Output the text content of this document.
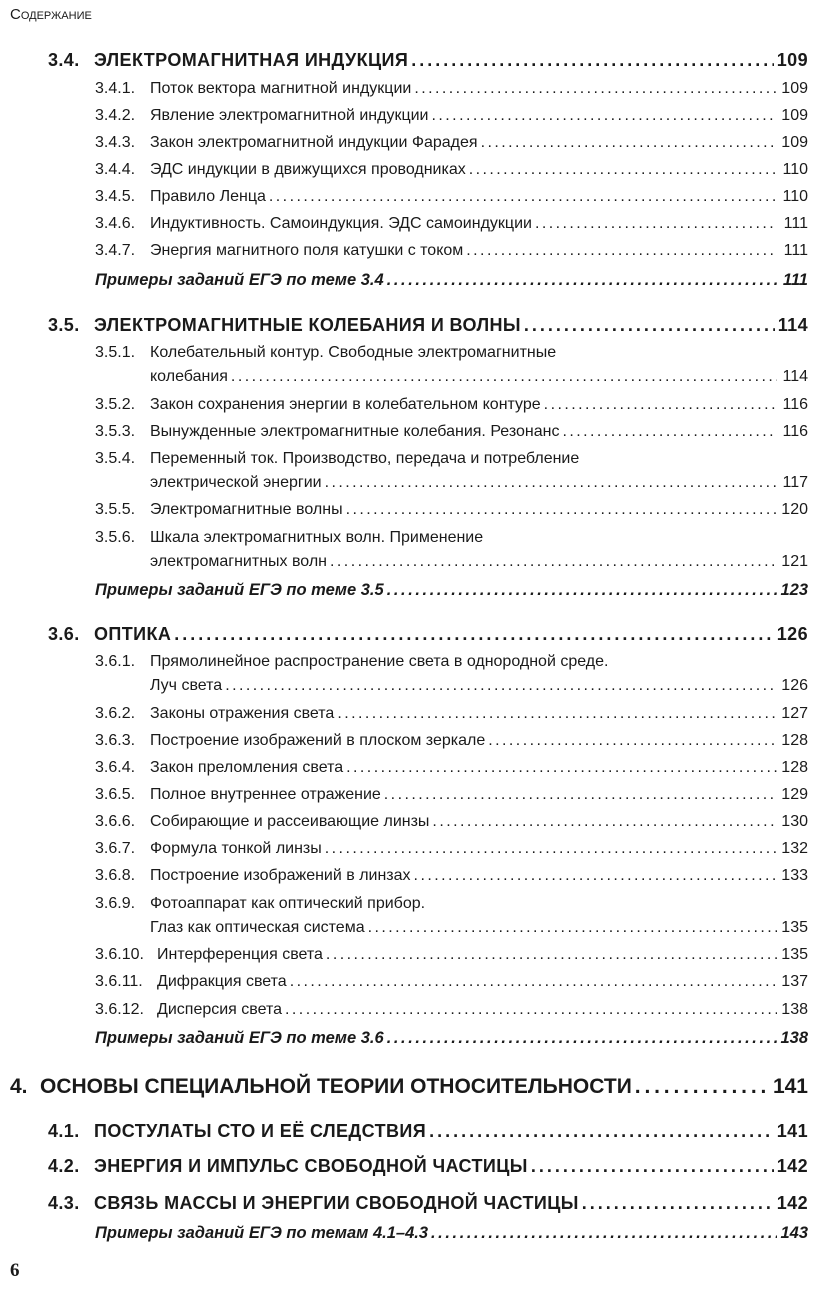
Содержание
3.4. ЭЛЕКТРОМАГНИТНАЯ ИНДУКЦИЯ . . .	109
3.4.1. Поток вектора магнитной индукции . . .	109
3.4.2. Явление электромагнитной индукции . . .	109
3.4.3. Закон электромагнитной индукции Фарадея . . .	109
3.4.4. ЭДС индукции в движущихся проводниках . . .	110
3.4.5. Правило Ленца . . .	110
3.4.6. Индуктивность. Самоиндукция. ЭДС самоиндукции . . .	111
3.4.7. Энергия магнитного поля катушки с током . . .	111
Примеры заданий ЕГЭ по теме 3.4 . . .	111
3.5. ЭЛЕКТРОМАГНИТНЫЕ КОЛЕБАНИЯ И ВОЛНЫ . . .	114
3.5.1. Колебательный контур. Свободные электромагнитные
колебания . . .	114
3.5.2. Закон сохранения энергии в колебательном контуре . . .	116
3.5.3. Вынужденные электромагнитные колебания. Резонанс . . .	116
3.5.4. Переменный ток. Производство, передача и потребление
электрической энергии . . .	117
3.5.5. Электромагнитные волны . . .	120
3.5.6. Шкала электромагнитных волн. Применение
электромагнитных волн . . .	121
Примеры заданий ЕГЭ по теме 3.5 . . .	123
3.6. ОПТИКА . . .	126
3.6.1. Прямолинейное распространение света в однородной среде.
Луч света . . .	126
3.6.2. Законы отражения света . . .	127
3.6.3. Построение изображений в плоском зеркале . . .	128
3.6.4. Закон преломления света . . .	128
3.6.5. Полное внутреннее отражение . . .	129
3.6.6. Собирающие и рассеивающие линзы . . .	130
3.6.7. Формула тонкой линзы . . .	132
3.6.8. Построение изображений в линзах . . .	133
3.6.9. Фотоаппарат как оптический прибор.
Глаз как оптическая система . . .	135
3.6.10. Интерференция света . . .	135
3.6.11. Дифракция света . . .	137
3.6.12. Дисперсия света . . .	138
Примеры заданий ЕГЭ по теме 3.6 . . .	138
4. ОСНОВЫ СПЕЦИАЛЬНОЙ ТЕОРИИ ОТНОСИТЕЛЬНОСТИ . . .	141
4.1. ПОСТУЛАТЫ СТО И ЕЁ СЛЕДСТВИЯ . . .	141
4.2. ЭНЕРГИЯ И ИМПУЛЬС СВОБОДНОЙ ЧАСТИЦЫ . . .	142
4.3. СВЯЗЬ МАССЫ И ЭНЕРГИИ СВОБОДНОЙ ЧАСТИЦЫ . . .	142
Примеры заданий ЕГЭ по темам 4.1–4.3 . . .	143
6
